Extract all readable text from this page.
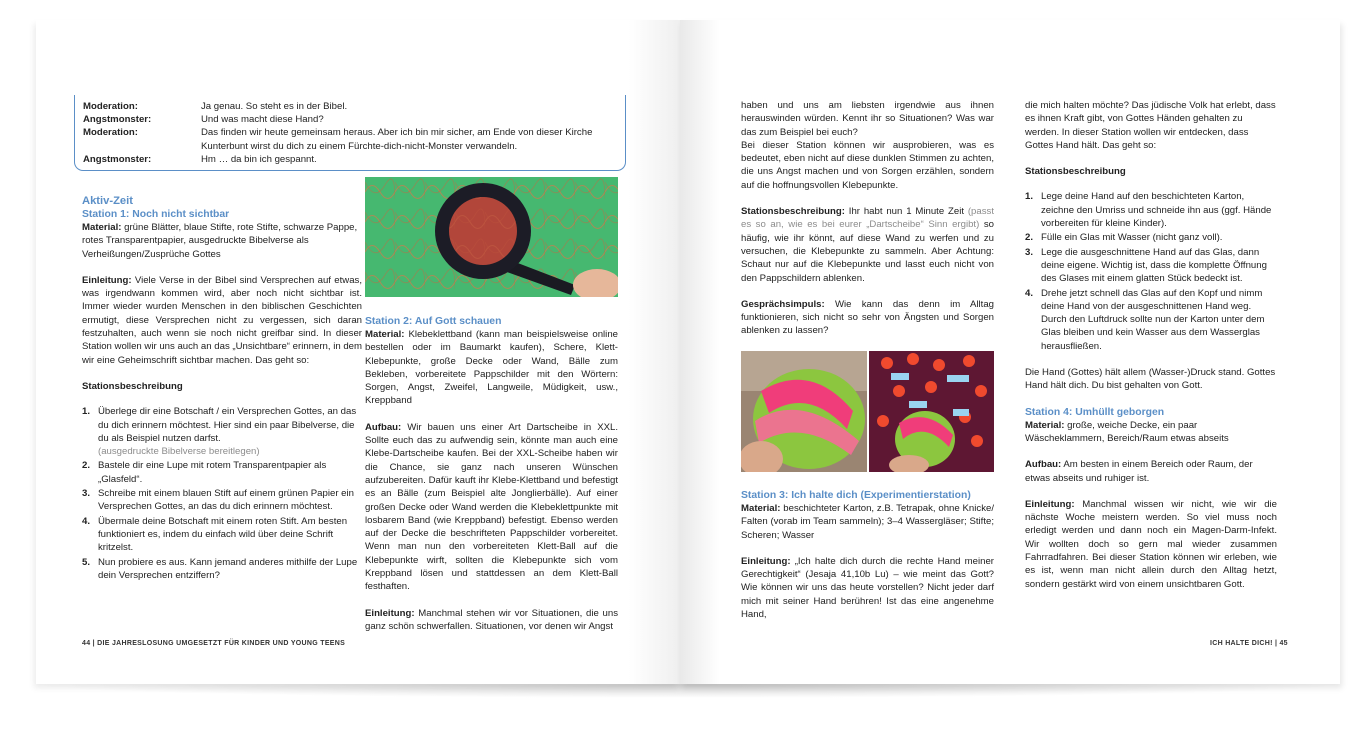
Moderation:	Ja genau. So steht es in der Bibel.
Angstmonster:	Und was macht diese Hand?
Moderation:	Das finden wir heute gemeinsam heraus. Aber ich bin mir sicher, am Ende von dieser Kirche Kunterbunt wirst du dich zu einem Fürchte-dich-nicht-Monster verwandeln.
Angstmonster:	Hm … da bin ich gespannt.
Aktiv-Zeit
Station 1: Noch nicht sichtbar
Material: grüne Blätter, blaue Stifte, rote Stifte, schwarze Pappe, rotes Transparentpapier, ausgedruckte Bibelverse als Verheißungen/Zusprüche Gottes
Einleitung: Viele Verse in der Bibel sind Versprechen auf etwas, was irgendwann kommen wird, aber noch nicht sichtbar ist. Immer wieder wurden Menschen in den biblischen Geschichten ermutigt, diese Versprechen nicht zu vergessen, sich daran festzuhalten, auch wenn sie noch nicht greifbar sind. In dieser Station wollen wir uns auch an das „Unsichtbare“ erinnern, in dem wir eine Geheimschrift sichtbar machen. Das geht so:
Stationsbeschreibung
1. Überlege dir eine Botschaft / ein Versprechen Gottes, an das du dich erinnern möchtest. Hier sind ein paar Bibelverse, die du als Beispiel nutzen darfst.
(ausgedruckte Bibelverse bereitlegen)
2. Bastele dir eine Lupe mit rotem Transparentpapier als „Glasfeld“.
3. Schreibe mit einem blauen Stift auf einem grünen Papier ein Versprechen Gottes, an das du dich erinnern möchtest.
4. Übermale deine Botschaft mit einem roten Stift. Am besten funktioniert es, indem du einfach wild über deine Schrift kritzelst.
5. Nun probiere es aus. Kann jemand anderes mithilfe der Lupe dein Versprechen entziffern?
Station 2: Auf Gott schauen
Material: Klebeklettband (kann man beispielsweise online bestellen oder im Baumarkt kaufen), Schere, Klett-Klebepunkte, große Decke oder Wand, Bälle zum Bekleben, vorbereitete Pappschilder mit den Wörtern: Sorgen, Angst, Zweifel, Langweile, Müdigkeit, usw., Kreppband
Aufbau: Wir bauen uns einer Art Dartscheibe in XXL. Sollte euch das zu aufwendig sein, könnte man auch eine Klebe-Dartscheibe kaufen. Bei der XXL-Scheibe haben wir die Chance, sie ganz nach unseren Wünschen aufzubereiten. Dafür kauft ihr Klebe-Klettband und befestigt es an Bälle (zum Beispiel alte Jonglierbälle). Auf einer großen Decke oder Wand werden die Klebeklettpunkte mit losbarem Band (wie Kreppband) befestigt. Ebenso werden auf der Decke die beschrifteten Pappschilder vorbereitet. Wenn man nun den vorbereiteten Klett-Ball auf die Klebepunkte wirft, sollten die Klebepunkte sich vom Kreppband lösen und stattdessen an dem Klett-Ball festhaften.
Einleitung: Manchmal stehen wir vor Situationen, die uns ganz schön schwerfallen. Situationen, vor denen wir Angst
44 | DIE JAHRESLOSUNG UMGESETZT FÜR KINDER UND YOUNG TEENS
haben und uns am liebsten irgendwie aus ihnen herauswinden würden. Kennt ihr so Situationen? Was war das zum Beispiel bei euch?
Bei dieser Station können wir ausprobieren, was es bedeutet, eben nicht auf diese dunklen Stimmen zu achten, die uns Angst machen und von Sorgen erzählen, sondern auf die hoffnungsvollen Klebepunkte.
Stationsbeschreibung: Ihr habt nun 1 Minute Zeit (passt es so an, wie es bei eurer „Dartscheibe“ Sinn ergibt) so häufig, wie ihr könnt, auf diese Wand zu werfen und zu versuchen, die Klebepunkte zu sammeln. Aber Achtung: Schaut nur auf die Klebepunkte und lasst euch nicht von den Pappschildern ablenken.
Gesprächsimpuls: Wie kann das denn im Alltag funktionieren, sich nicht so sehr von Ängsten und Sorgen ablenken zu lassen?
Station 3: Ich halte dich (Experimentierstation)
Material: beschichteter Karton, z.B. Tetrapak, ohne Knicke/ Falten (vorab im Team sammeln); 3–4 Wassergläser; Stifte; Scheren; Wasser
Einleitung: „Ich halte dich durch die rechte Hand meiner Gerechtigkeit“ (Jesaja 41,10b Lu) – wie meint das Gott? Wie können wir uns das heute vorstellen? Nicht jeder darf mich mit seiner Hand berühren! Ist das eine angenehme Hand,
die mich halten möchte? Das jüdische Volk hat erlebt, dass es ihnen Kraft gibt, von Gottes Händen gehalten zu werden. In dieser Station wollen wir entdecken, dass Gottes Hand hält. Das geht so:
Stationsbeschreibung
1. Lege deine Hand auf den beschichteten Karton, zeichne den Umriss und schneide ihn aus (ggf. Hände vorbereiten für kleine Kinder).
2. Fülle ein Glas mit Wasser (nicht ganz voll).
3. Lege die ausgeschnittene Hand auf das Glas, dann deine eigene. Wichtig ist, dass die komplette Öffnung des Glases mit einem glatten Stück bedeckt ist.
4. Drehe jetzt schnell das Glas auf den Kopf und nimm deine Hand von der ausgeschnittenen Hand weg. Durch den Luftdruck sollte nun der Karton unter dem Glas bleiben und kein Wasser aus dem Wasserglas herausfließen.
Die Hand (Gottes) hält allem (Wasser-)Druck stand. Gottes Hand hält dich. Du bist gehalten von Gott.
Station 4: Umhüllt geborgen
Material: große, weiche Decke, ein paar Wäscheklammern, Bereich/Raum etwas abseits
Aufbau: Am besten in einem Bereich oder Raum, der etwas abseits und ruhiger ist.
Einleitung: Manchmal wissen wir nicht, wie wir die nächste Woche meistern werden. So viel muss noch erledigt werden und dann noch ein Magen-Darm-Infekt. Wir wollten doch so gern mal wieder zusammen Fahrradfahren. Bei dieser Station können wir erleben, wie es ist, wenn man nicht allein durch den Alltag hetzt, sondern gestärkt wird von einem unsichtbaren Gott.
ICH HALTE DICH! | 45
